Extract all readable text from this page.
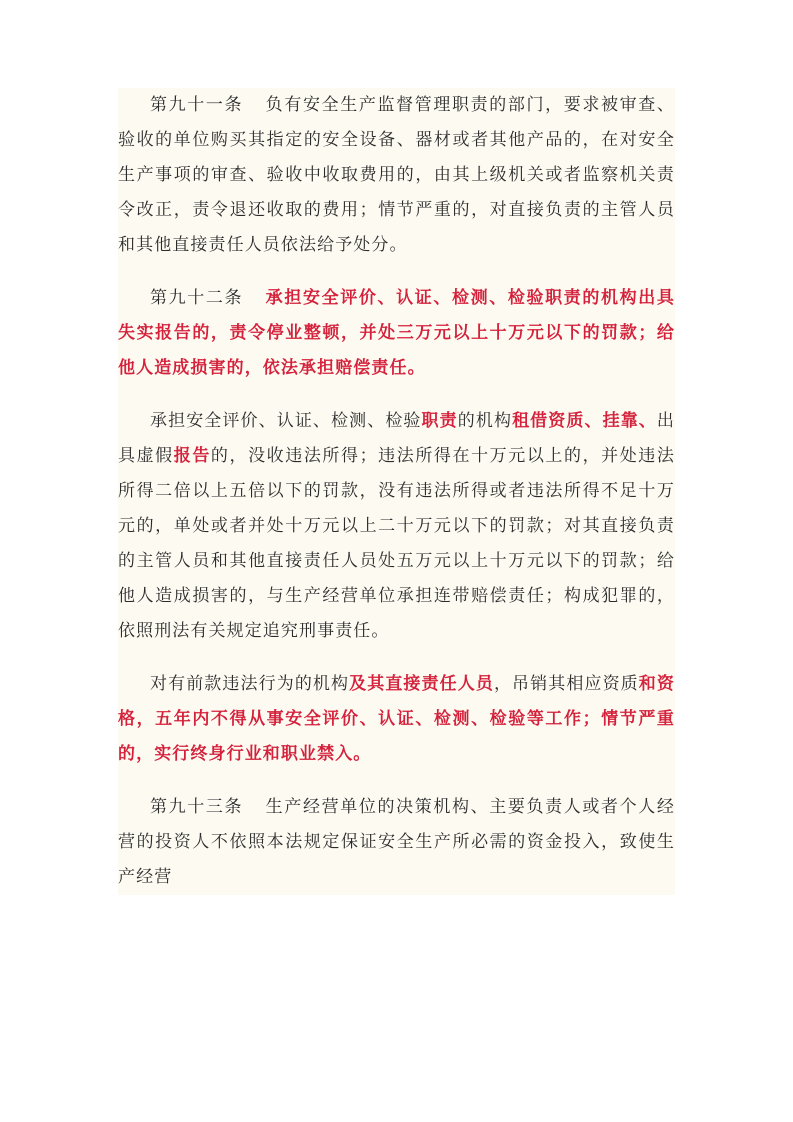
第九十一条 负有安全生产监督管理职责的部门，要求被审查、验收的单位购买其指定的安全设备、器材或者其他产品的，在对安全生产事项的审查、验收中收取费用的，由其上级机关或者监察机关责令改正，责令退还收取的费用；情节严重的，对直接负责的主管人员和其他直接责任人员依法给予处分。

第九十二条 承担安全评价、认证、检测、检验职责的机构出具失实报告的，责令停业整顿，并处三万元以上十万元以下的罚款；给他人造成损害的，依法承担赔偿责任。

承担安全评价、认证、检测、检验职责的机构租借资质、挂靠、出具虚假报告的，没收违法所得；违法所得在十万元以上的，并处违法所得二倍以上五倍以下的罚款，没有违法所得或者违法所得不足十万元的，单处或者并处十万元以上二十万元以下的罚款；对其直接负责的主管人员和其他直接责任人员处五万元以上十万元以下的罚款；给他人造成损害的，与生产经营单位承担连带赔偿责任；构成犯罪的，依照刑法有关规定追究刑事责任。

对有前款违法行为的机构及其直接责任人员，吊销其相应资质和资格，五年内不得从事安全评价、认证、检测、检验等工作；情节严重的，实行终身行业和职业禁入。

第九十三条 生产经营单位的决策机构、主要负责人或者个人经营的投资人不依照本法规定保证安全生产所必需的资金投入，致使生产经营
